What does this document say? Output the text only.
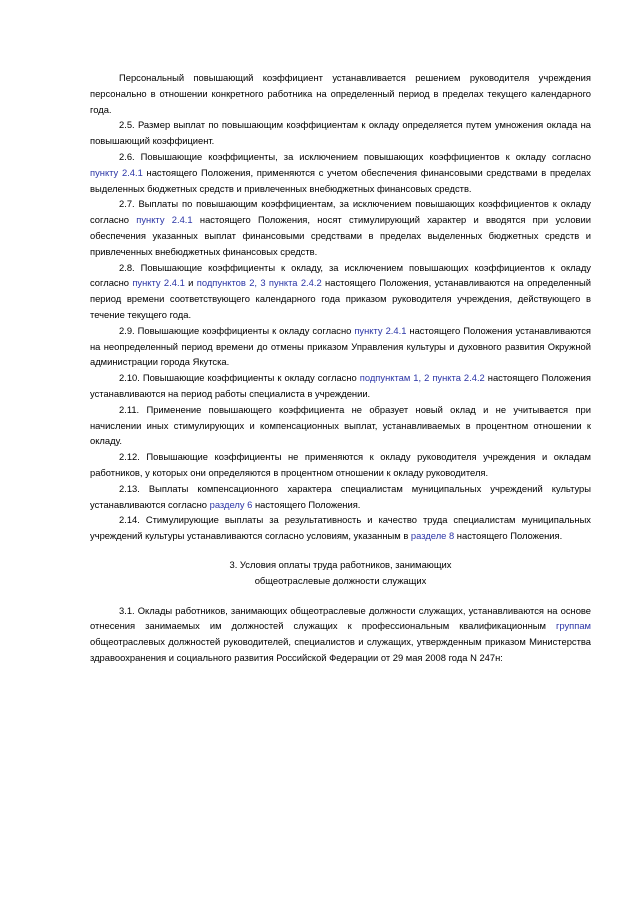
Персональный повышающий коэффициент устанавливается решением руководителя учреждения персонально в отношении конкретного работника на определенный период в пределах текущего календарного года.

2.5. Размер выплат по повышающим коэффициентам к окладу определяется путем умножения оклада на повышающий коэффициент.

2.6. Повышающие коэффициенты, за исключением повышающих коэффициентов к окладу согласно пункту 2.4.1 настоящего Положения, применяются с учетом обеспечения финансовыми средствами в пределах выделенных бюджетных средств и привлеченных внебюджетных финансовых средств.

2.7. Выплаты по повышающим коэффициентам, за исключением повышающих коэффициентов к окладу согласно пункту 2.4.1 настоящего Положения, носят стимулирующий характер и вводятся при условии обеспечения указанных выплат финансовыми средствами в пределах выделенных бюджетных средств и привлеченных внебюджетных финансовых средств.

2.8. Повышающие коэффициенты к окладу, за исключением повышающих коэффициентов к окладу согласно пункту 2.4.1 и подпунктов 2, 3 пункта 2.4.2 настоящего Положения, устанавливаются на определенный период времени соответствующего календарного года приказом руководителя учреждения, действующего в течение текущего года.

2.9. Повышающие коэффициенты к окладу согласно пункту 2.4.1 настоящего Положения устанавливаются на неопределенный период времени до отмены приказом Управления культуры и духовного развития Окружной администрации города Якутска.

2.10. Повышающие коэффициенты к окладу согласно подпунктам 1, 2 пункта 2.4.2 настоящего Положения устанавливаются на период работы специалиста в учреждении.

2.11. Применение повышающего коэффициента не образует новый оклад и не учитывается при начислении иных стимулирующих и компенсационных выплат, устанавливаемых в процентном отношении к окладу.

2.12. Повышающие коэффициенты не применяются к окладу руководителя учреждения и окладам работников, у которых они определяются в процентном отношении к окладу руководителя.

2.13. Выплаты компенсационного характера специалистам муниципальных учреждений культуры устанавливаются согласно разделу 6 настоящего Положения.

2.14. Стимулирующие выплаты за результативность и качество труда специалистам муниципальных учреждений культуры устанавливаются согласно условиям, указанным в разделе 8 настоящего Положения.

3. Условия оплаты труда работников, занимающих
общеотраслевые должности служащих

3.1. Оклады работников, занимающих общеотраслевые должности служащих, устанавливаются на основе отнесения занимаемых им должностей служащих к профессиональным квалификационным группам общеотраслевых должностей руководителей, специалистов и служащих, утвержденным приказом Министерства здравоохранения и социального развития Российской Федерации от 29 мая 2008 года N 247н:
